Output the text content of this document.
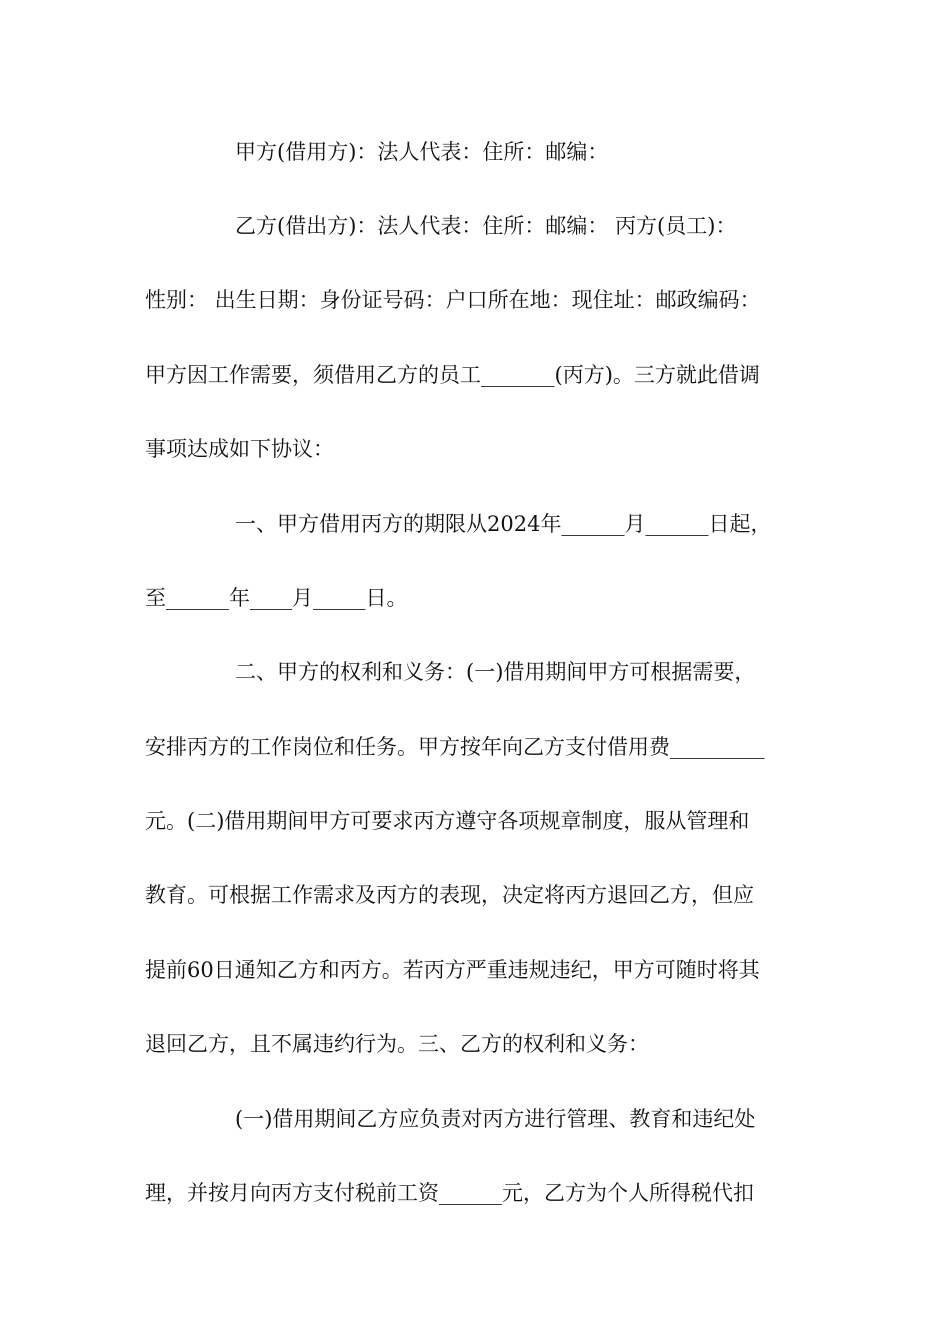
甲方(借用方)：法人代表：住所：邮编：
乙方(借出方)：法人代表：住所：邮编： 丙方(员工)：
性别： 出生日期：身份证号码：户口所在地：现住址：邮政编码：
甲方因工作需要，须借用乙方的员工_______(丙方)。三方就此借调
事项达成如下协议：
一、甲方借用丙方的期限从2024年______月______日起，
至______年____月_____日。
二、甲方的权利和义务：(一)借用期间甲方可根据需要，
安排丙方的工作岗位和任务。甲方按年向乙方支付借用费_________
元。(二)借用期间甲方可要求丙方遵守各项规章制度，服从管理和
教育。可根据工作需求及丙方的表现，决定将丙方退回乙方，但应
提前60日通知乙方和丙方。若丙方严重违规违纪，甲方可随时将其
退回乙方，且不属违约行为。三、乙方的权利和义务：
(一)借用期间乙方应负责对丙方进行管理、教育和违纪处
理，并按月向丙方支付税前工资______元，乙方为个人所得税代扣
